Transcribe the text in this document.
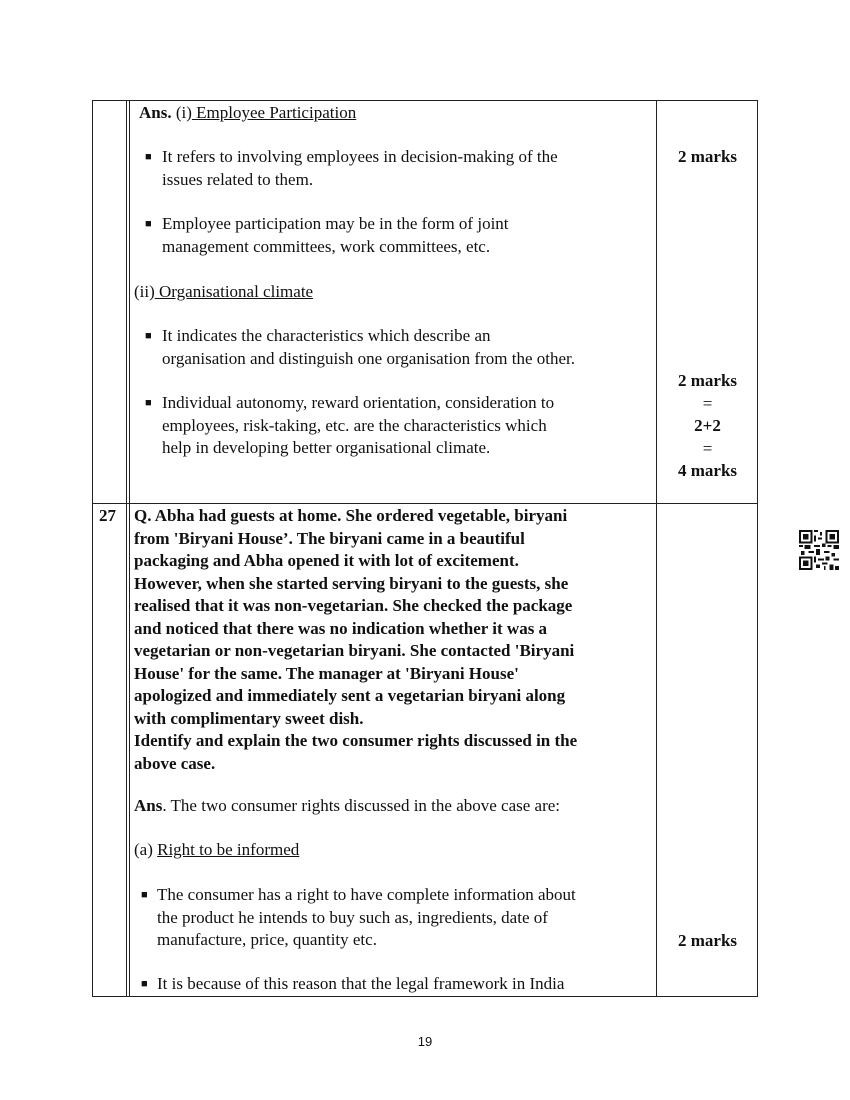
Ans. (i) Employee Participation
■ It refers to involving employees in decision-making of the
issues related to them.
■ Employee participation may be in the form of joint
management committees, work committees, etc.
(ii) Organisational climate
■ It indicates the characteristics which describe an
organisation and distinguish one organisation from the other.
■ Individual autonomy, reward orientation, consideration to
employees, risk-taking, etc. are the characteristics which
help in developing better organisational climate.
2 marks
2 marks
=
2+2
=
4 marks
27 Q. Abha had guests at home. She ordered vegetable, biryani
from 'Biryani House’. The biryani came in a beautiful
packaging and Abha opened it with lot of excitement.
However, when she started serving biryani to the guests, she
realised that it was non-vegetarian. She checked the package
and noticed that there was no indication whether it was a
vegetarian or non-vegetarian biryani. She contacted 'Biryani
House' for the same. The manager at 'Biryani House'
apologized and immediately sent a vegetarian biryani along
with complimentary sweet dish.
Identify and explain the two consumer rights discussed in the
above case.
Ans. The two consumer rights discussed in the above case are:
(a) Right to be informed
■ The consumer has a right to have complete information about
the product he intends to buy such as, ingredients, date of
manufacture, price, quantity etc.
■ It is because of this reason that the legal framework in India
2 marks
19
